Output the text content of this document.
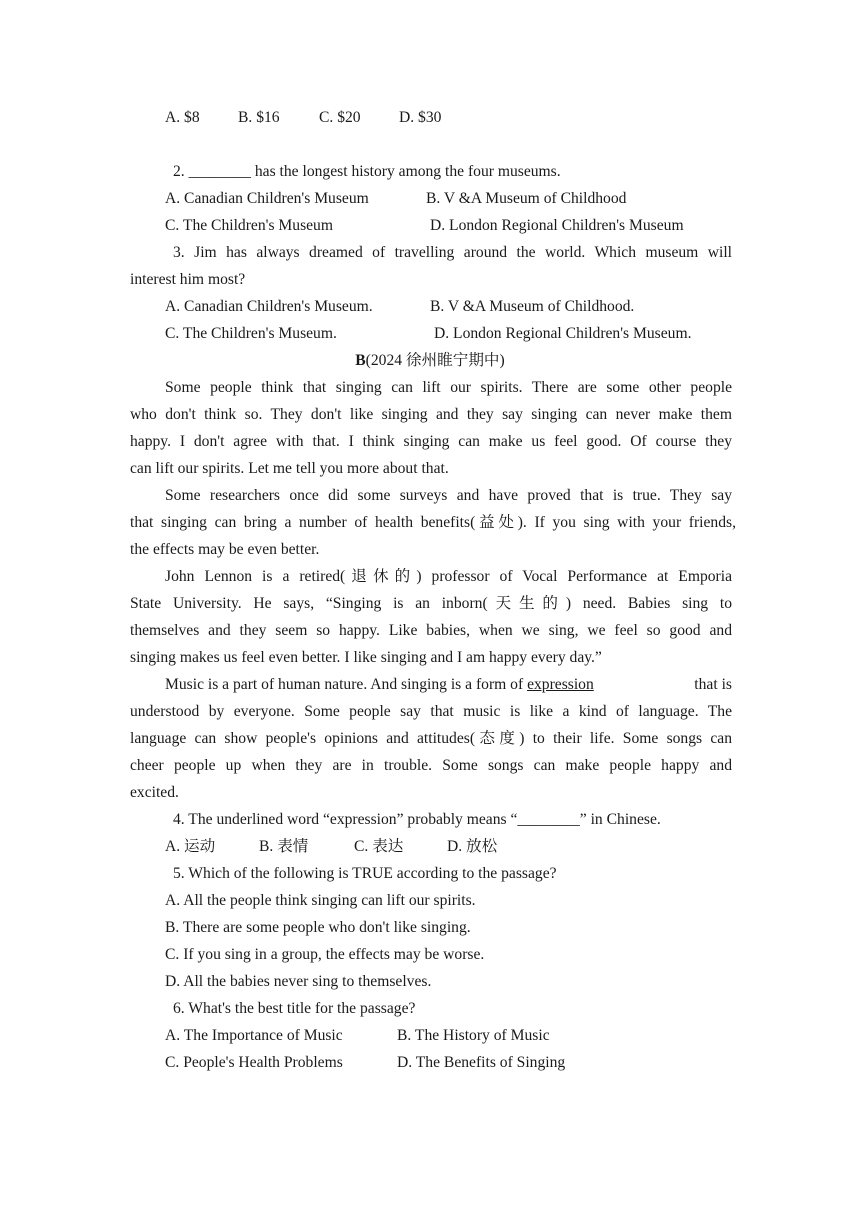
A. $8 B. $16	C. $20 D. $30
2. ________ has the longest history among the four museums.
A. Canadian Children's Museum	B. V &A Museum of Childhood
C. The Children's Museum	D. London Regional Children's Museum
3. Jim has always dreamed of travelling around the world. Which museum will
interest him most?
A. Canadian Children's Museum.	B. V &A Museum of Childhood.
C. The Children's Museum.	D. London Regional Children's Museum.
B(2024 徐州睢宁期中)
Some people think that singing can lift our spirits. There are some other people
who don't think so. They don't like singing and they say singing can never make them
happy. I don't agree with that. I think singing can make us feel good. Of course they
can lift our spirits. Let me tell you more about that.
Some researchers once did some surveys and have proved that is true. They say
that singing can bring a number of health benefits(益处). If you sing with your friends,
the effects may be even better.
John Lennon is a retired(退休的) professor of Vocal Performance at Emporia
State University. He says, “Singing is an inborn(天生的) need. Babies sing to
themselves and they seem so happy. Like babies, when we sing, we feel so good and
singing makes us feel even better. I like singing and I am happy every day.”
Music is a part of human nature. And singing is a form of expression	that is
understood by everyone. Some people say that music is like a kind of language. The
language can show people's opinions and attitudes(态度) to their life. Some songs can
cheer people up when they are in trouble. Some songs can make people happy and
excited.
4. The underlined word “expression” probably means “________” in Chinese.
A. 运动	B. 表情	C. 表达	D. 放松
5. Which of the following is TRUE according to the passage?
A. All the people think singing can lift our spirits.
B. There are some people who don't like singing.
C. If you sing in a group, the effects may be worse.
D. All the babies never sing to themselves.
6. What's the best title for the passage?
A. The Importance of Music	B. The History of Music
C. People's Health Problems	D. The Benefits of Singing
